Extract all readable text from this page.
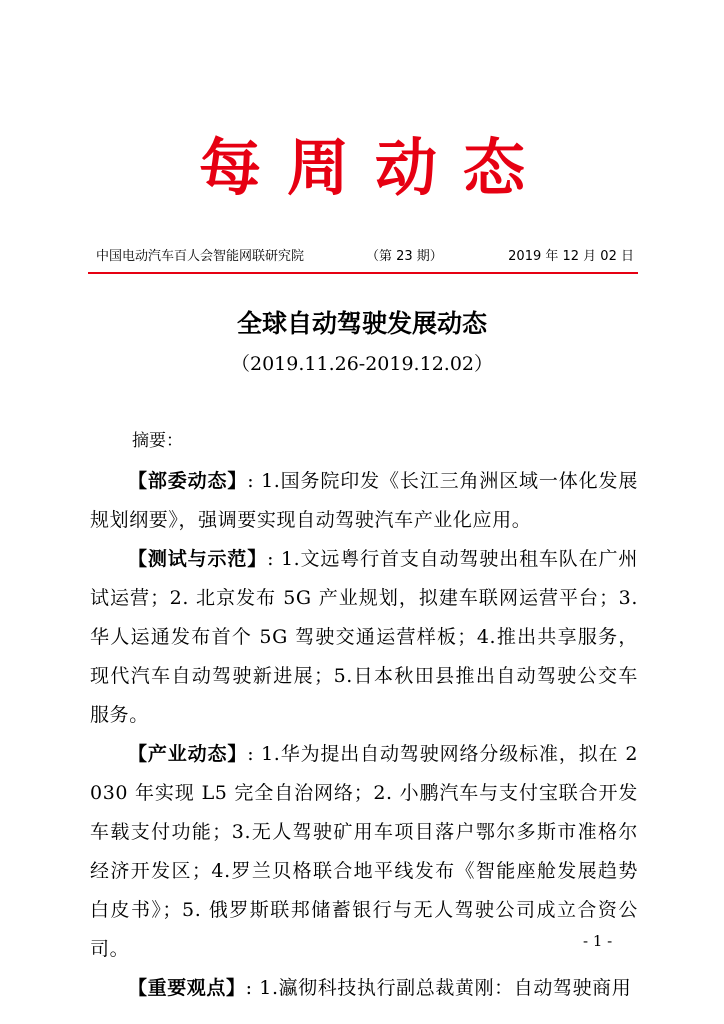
每周动态
中国电动汽车百人会智能网联研究院	（第 23 期）	2019 年 12 月 02 日
全球自动驾驶发展动态
（2019.11.26-2019.12.02）

摘要：

【部委动态】: 1.国务院印发《长江三角洲区域一体化发展规划纲要》，强调要实现自动驾驶汽车产业化应用。

【测试与示范】: 1.文远粤行首支自动驾驶出租车队在广州试运营；2. 北京发布 5G 产业规划，拟建车联网运营平台；3.华人运通发布首个 5G 驾驶交通运营样板；4.推出共享服务，现代汽车自动驾驶新进展；5.日本秋田县推出自动驾驶公交车服务。

【产业动态】: 1.华为提出自动驾驶网络分级标准，拟在 2030 年实现 L5 完全自治网络；2. 小鹏汽车与支付宝联合开发车载支付功能；3.无人驾驶矿用车项目落户鄂尔多斯市准格尔经济开发区；4.罗兰贝格联合地平线发布《智能座舱发展趋势白皮书》；5. 俄罗斯联邦储蓄银行与无人驾驶公司成立合资公司。

【重要观点】: 1.瀛彻科技执行副总裁黄刚：自动驾驶商用

- 1 -
